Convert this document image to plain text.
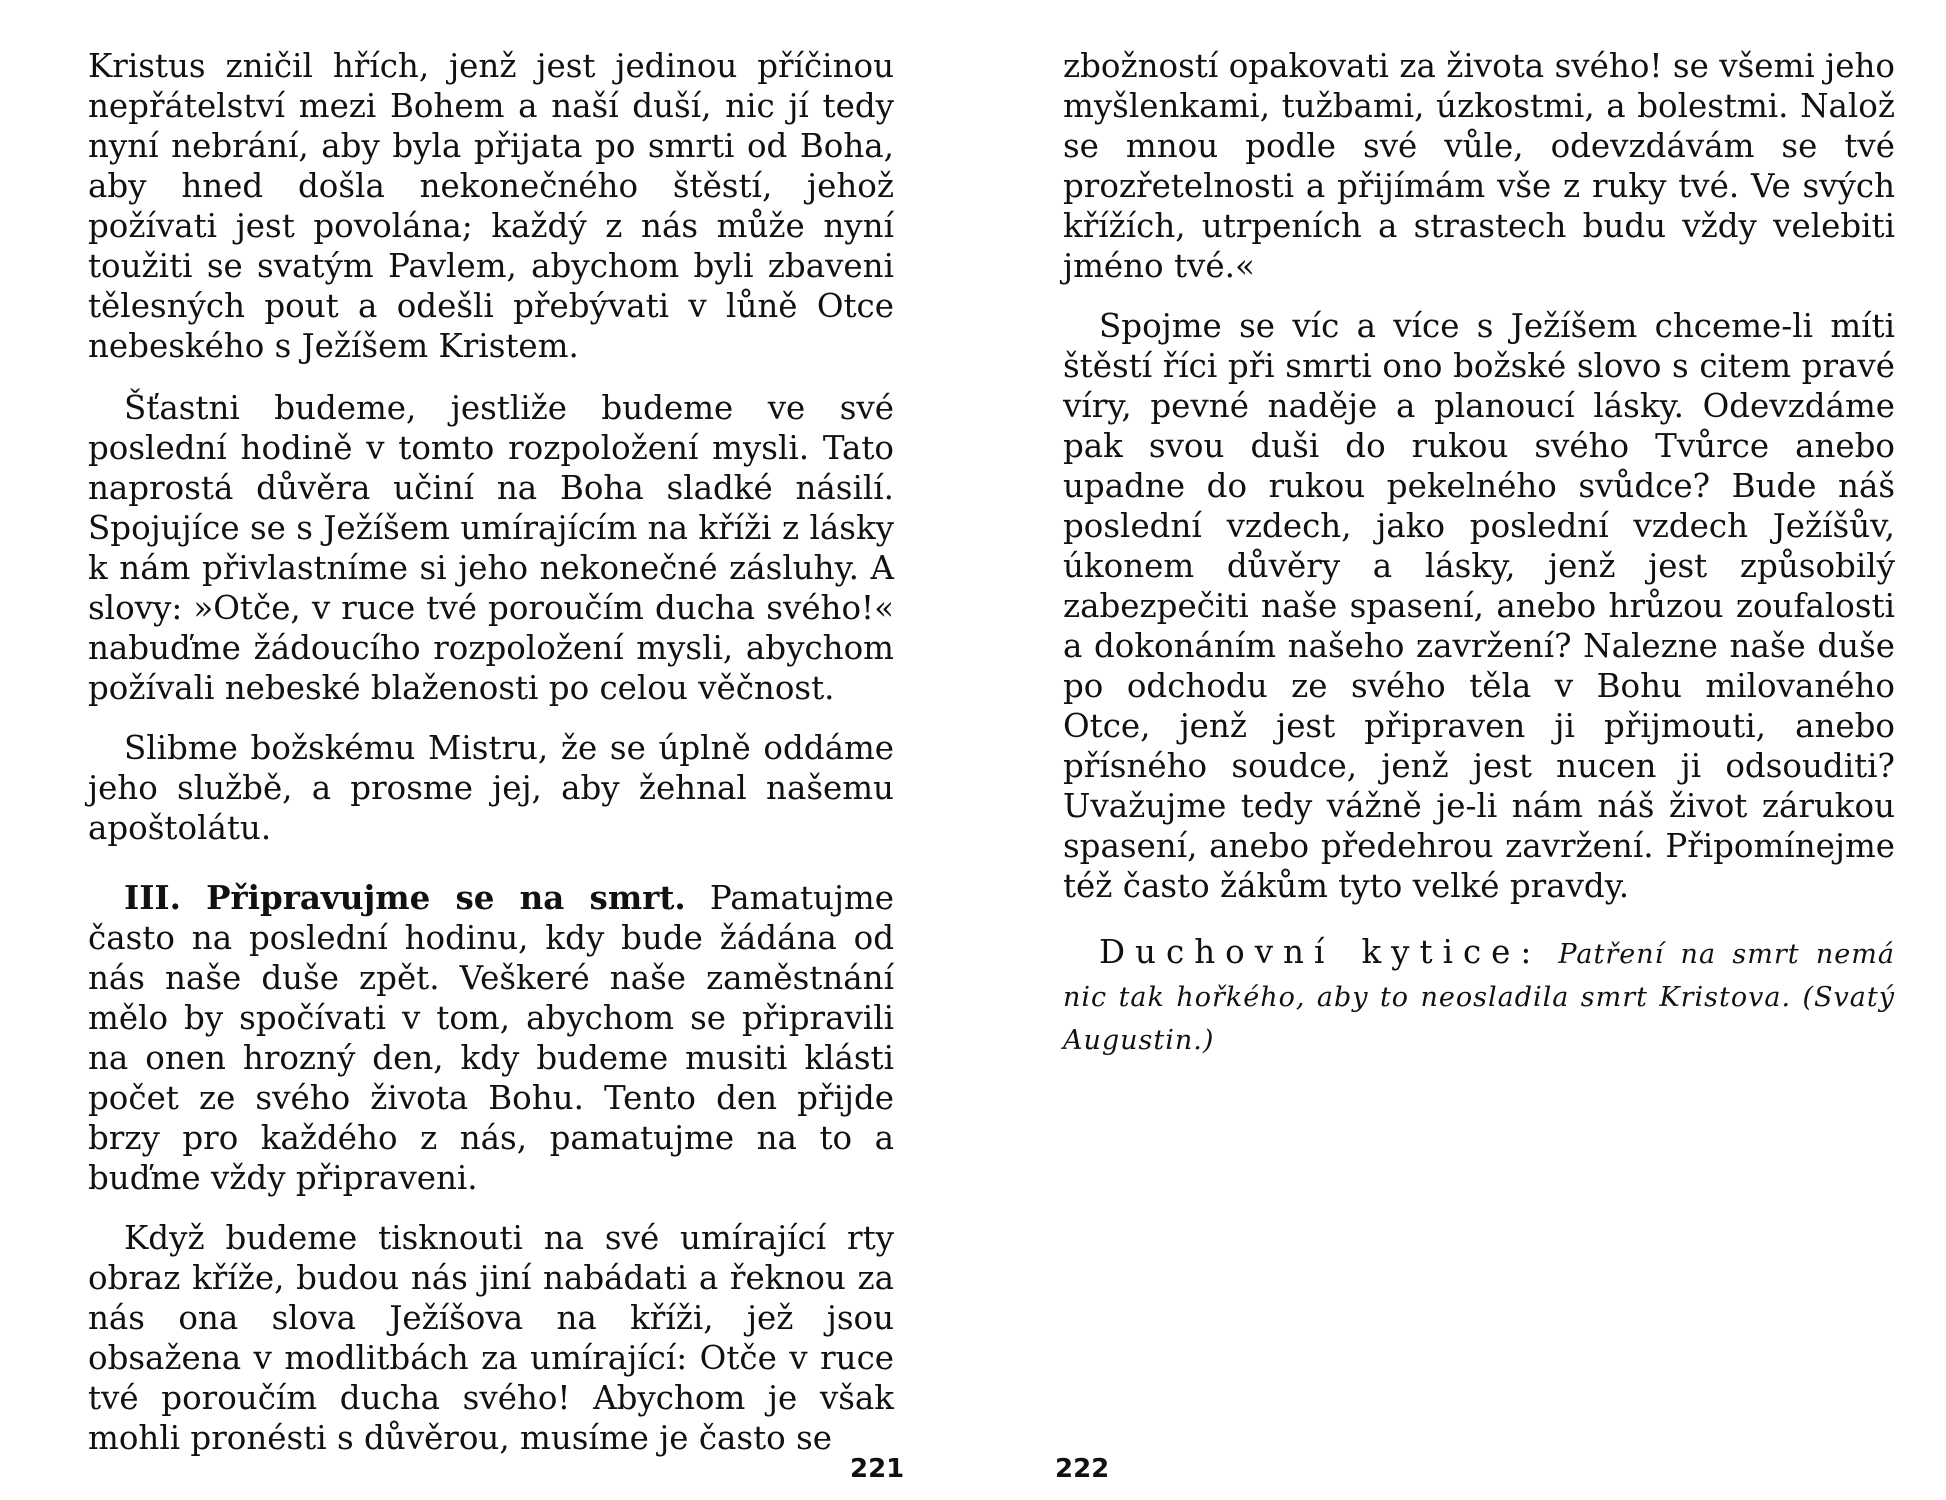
Kristus zničil hřích, jenž jest jedinou příčinou nepřátelství mezi Bohem a naší duší, nic jí tedy nyní nebrání, aby byla přijata po smrti od Boha, aby hned došla nekonečného štěstí, jehož požívati jest povolána; každý z nás může nyní toužiti se svatým Pavlem, abychom byli zbaveni tělesných pout a odešli přebývati v lůně Otce nebeského s Ježíšem Kristem.

Šťastni budeme, jestliže budeme ve své poslední hodině v tomto rozpoložení mysli. Tato naprostá důvěra učiní na Boha sladké násilí. Spojujíce se s Ježíšem umírajícím na kříži z lásky k nám přivlastníme si jeho nekonečné zásluhy. A slovy: »Otče, v ruce tvé poroučím ducha svého!« nabuďme žádoucího rozpoložení mysli, abychom požívali nebeské blaženosti po celou věčnost.

Slibme božskému Mistru, že se úplně oddáme jeho službě, a prosme jej, aby žehnal našemu apoštolátu.

III. Připravujme se na smrt. Pamatujme často na poslední hodinu, kdy bude žádána od nás naše duše zpět. Veškeré naše zaměstnání mělo by spočívati v tom, abychom se připravili na onen hrozný den, kdy budeme musiti klásti počet ze svého života Bohu. Tento den přijde brzy pro každého z nás, pamatujme na to a buďme vždy připraveni.

Když budeme tisknouti na své umírající rty obraz kříže, budou nás jiní nabádati a řeknou za nás ona slova Ježíšova na kříži, jež jsou obsažena v modlitbách za umírající: Otče v ruce tvé poroučím ducha svého! Abychom je však mohli pronésti s důvěrou, musíme je často se

zbožností opakovati za života svého! se všemi jeho myšlenkami, tužbami, úzkostmi, a bolestmi. Nalož se mnou podle své vůle, odevzdávám se tvé prozřetelnosti a přijímám vše z ruky tvé. Ve svých křížích, utrpeních a strastech budu vždy velebiti jméno tvé.«

Spojme se víc a více s Ježíšem chceme-li míti štěstí říci při smrti ono božské slovo s citem pravé víry, pevné naděje a planoucí lásky. Odevzdáme pak svou duši do rukou svého Tvůrce anebo upadne do rukou pekelného svůdce? Bude náš poslední vzdech, jako poslední vzdech Ježíšův, úkonem důvěry a lásky, jenž jest způsobilý zabezpečiti naše spasení, anebo hrůzou zoufalosti a dokonáním našeho zavržení? Nalezne naše duše po odchodu ze svého těla v Bohu milovaného Otce, jenž jest připraven ji přijmouti, anebo přísného soudce, jenž jest nucen ji odsouditi? Uvažujme tedy vážně je-li nám náš život zárukou spasení, anebo předehrou zavržení. Připomínejme též často žákům tyto velké pravdy.

Duchovní kytice: Patření na smrt nemá nic tak hořkého, aby to neosladila smrt Kristova. (Svatý Augustin.)

221	222
